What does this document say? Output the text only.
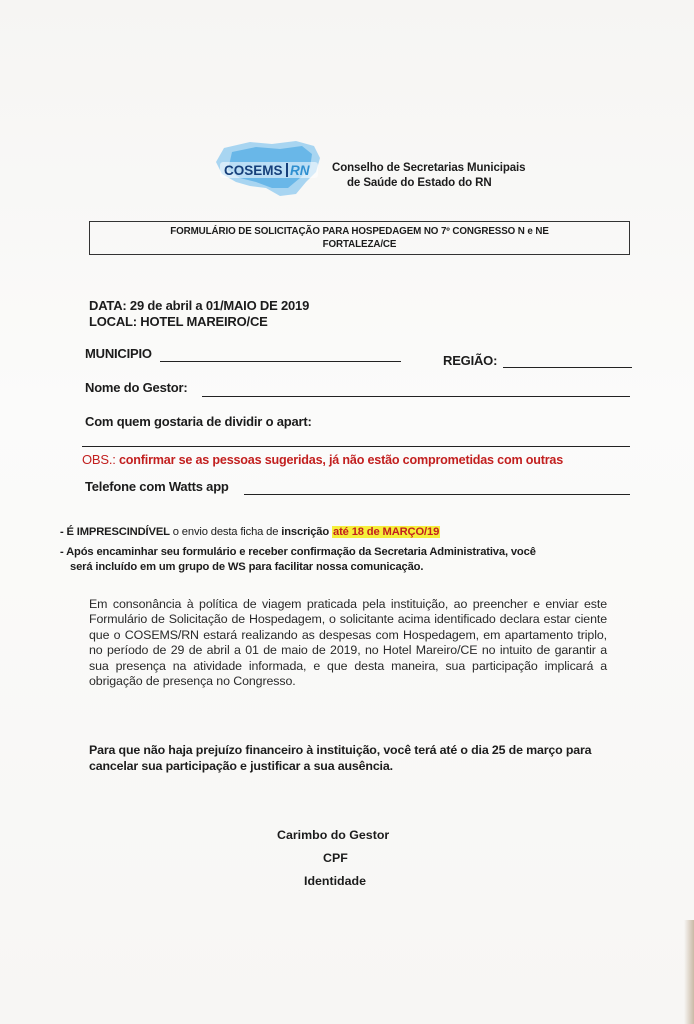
COSEMS RN Conselho de Secretarias Municipais
de Saúde do Estado do RN
FORMULÁRIO DE SOLICITAÇÃO PARA HOSPEDAGEM NO 7º CONGRESSO N e NE
FORTALEZA/CE
DATA: 29 de abril a 01/MAIO DE 2019
LOCAL: HOTEL MAREIRO/CE
MUNICIPIO	REGIÃO:
Nome do Gestor:
Com quem gostaria de dividir o apart:
OBS.: confirmar se as pessoas sugeridas, já não estão comprometidas com outras
Telefone com Watts app
- É IMPRESCINDÍVEL o envio desta ficha de inscrição até 18 de MARÇO/19
- Após encaminhar seu formulário e receber confirmação da Secretaria Administrativa, você
será incluído em um grupo de WS para facilitar nossa comunicação.
Em consonância à política de viagem praticada pela instituição, ao preencher e enviar este Formulário de Solicitação de Hospedagem, o solicitante acima identificado declara estar ciente que o COSEMS/RN estará realizando as despesas com Hospedagem, em apartamento triplo, no período de 29 de abril a 01 de maio de 2019, no Hotel Mareiro/CE no intuito de garantir a sua presença na atividade informada, e que desta maneira, sua participação implicará a obrigação de presença no Congresso.
Para que não haja prejuízo financeiro à instituição, você terá até o dia 25 de março para cancelar sua participação e justificar a sua ausência.
Carimbo do Gestor
CPF
Identidade
